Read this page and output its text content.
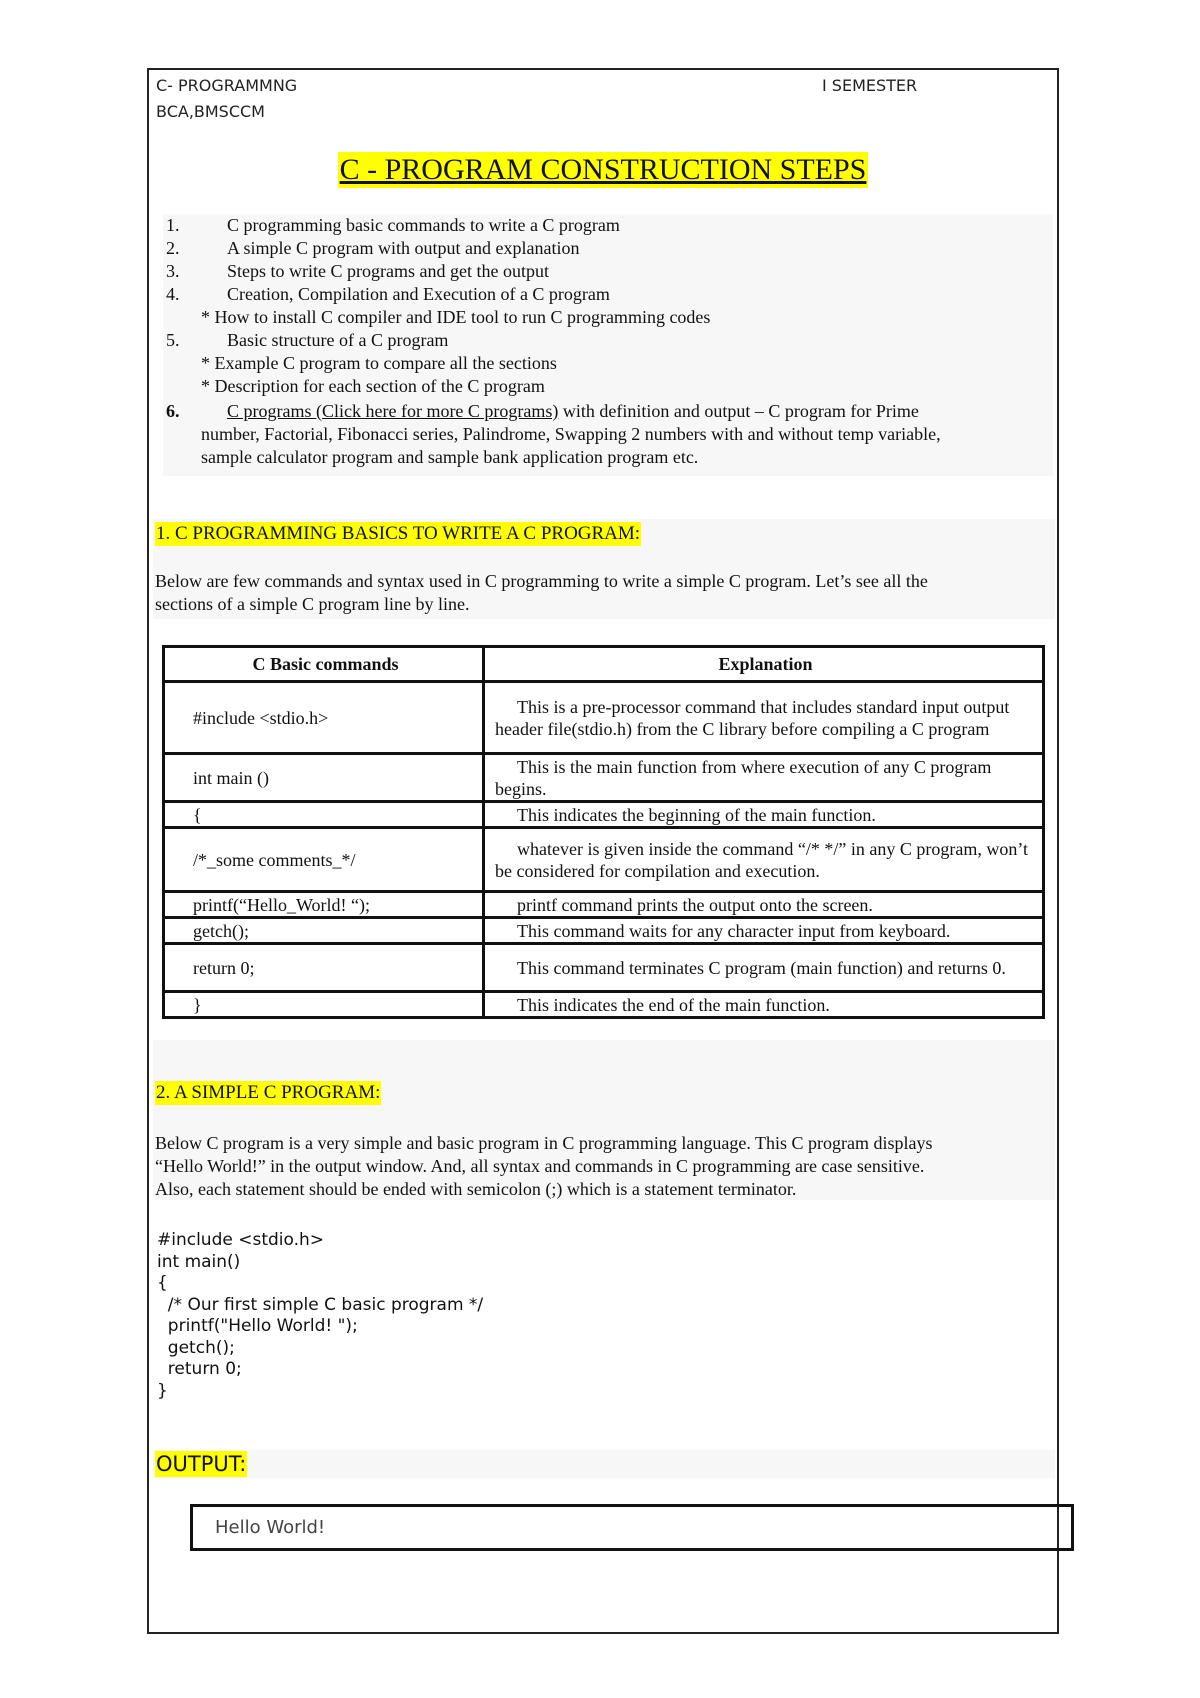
C- PROGRAMMNG	I SEMESTER
BCA,BMSCCM
C - PROGRAM CONSTRUCTION STEPS
1.	C programming basic commands to write a C program
2.	A simple C program with output and explanation
3.	Steps to write C programs and get the output
4.	Creation, Compilation and Execution of a C program
* How to install C compiler and IDE tool to run C programming codes
5.	Basic structure of a C program
* Example C program to compare all the sections
* Description for each section of the C program
6.	C programs (Click here for more C programs) with definition and output – C program for Prime
number, Factorial, Fibonacci series, Palindrome, Swapping 2 numbers with and without temp variable,
sample calculator program and sample bank application program etc.
1. C PROGRAMMING BASICS TO WRITE A C PROGRAM:
Below are few commands and syntax used in C programming to write a simple C program. Let’s see all the
sections of a simple C program line by line.
C Basic commands	Explanation
#include <stdio.h>	This is a pre-processor command that includes standard input output header file(stdio.h) from the C library before compiling a C program
int main ()	This is the main function from where execution of any C program begins.
{	This indicates the beginning of the main function.
/*_some comments_*/	whatever is given inside the command “/* */” in any C program, won’t be considered for compilation and execution.
printf(“Hello_World! “);	printf command prints the output onto the screen.
getch();	This command waits for any character input from keyboard.
return 0;	This command terminates C program (main function) and returns 0.
}	This indicates the end of the main function.
2. A SIMPLE C PROGRAM:
Below C program is a very simple and basic program in C programming language. This C program displays
“Hello World!” in the output window. And, all syntax and commands in C programming are case sensitive.
Also, each statement should be ended with semicolon (;) which is a statement terminator.
#include <stdio.h>
int main()
{
/* Our first simple C basic program */
printf("Hello World! ");
getch();
return 0;
}
OUTPUT:
Hello World!
